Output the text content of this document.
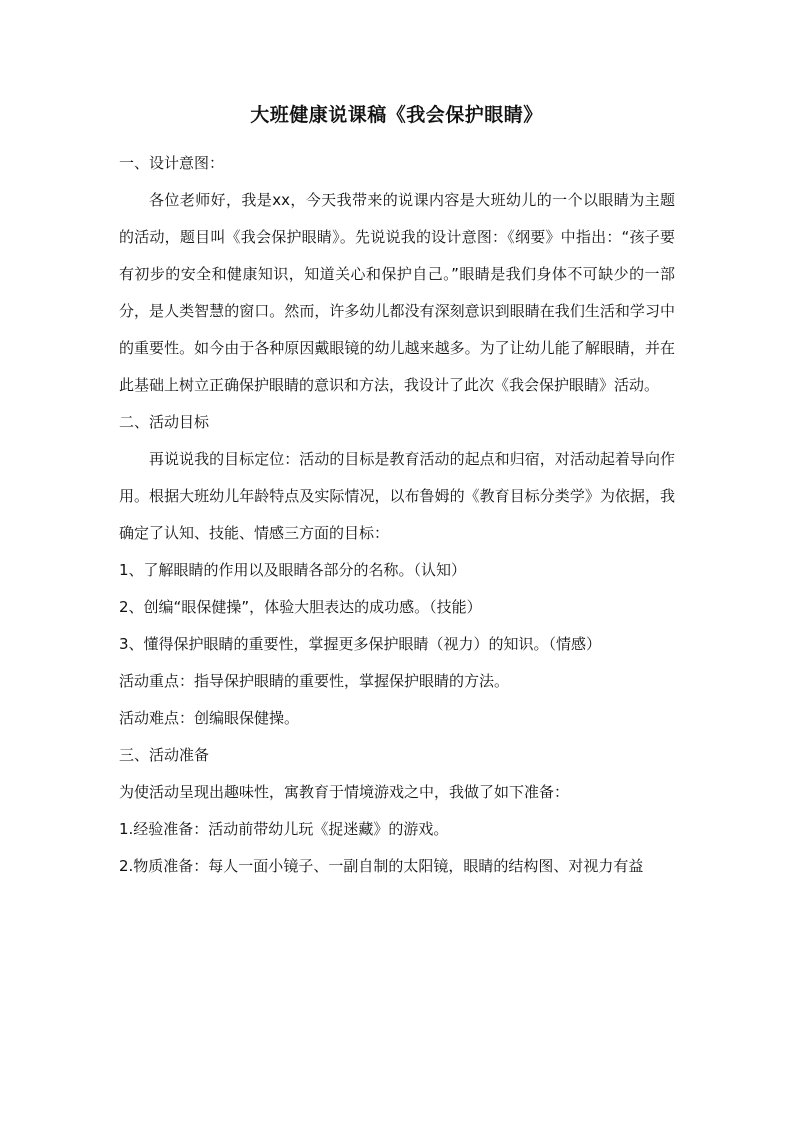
大班健康说课稿《我会保护眼睛》

一、设计意图：

各位老师好，我是xx，今天我带来的说课内容是大班幼儿的一个以眼睛为主题的活动，题目叫《我会保护眼睛》。先说说我的设计意图：《纲要》中指出：“孩子要有初步的安全和健康知识，知道关心和保护自己。”眼睛是我们身体不可缺少的一部分，是人类智慧的窗口。然而，许多幼儿都没有深刻意识到眼睛在我们生活和学习中的重要性。如今由于各种原因戴眼镜的幼儿越来越多。为了让幼儿能了解眼睛，并在此基础上树立正确保护眼睛的意识和方法，我设计了此次《我会保护眼睛》活动。

二、活动目标

再说说我的目标定位：活动的目标是教育活动的起点和归宿，对活动起着导向作用。根据大班幼儿年龄特点及实际情况，以布鲁姆的《教育目标分类学》为依据，我确定了认知、技能、情感三方面的目标：

1、了解眼睛的作用以及眼睛各部分的名称。（认知）

2、创编“眼保健操”，体验大胆表达的成功感。（技能）

3、懂得保护眼睛的重要性，掌握更多保护眼睛（视力）的知识。（情感）

活动重点：指导保护眼睛的重要性，掌握保护眼睛的方法。

活动难点：创编眼保健操。

三、活动准备

为使活动呈现出趣味性，寓教育于情境游戏之中，我做了如下准备：

1.经验准备：活动前带幼儿玩《捉迷藏》的游戏。

2.物质准备：每人一面小镜子、一副自制的太阳镜，眼睛的结构图、对视力有益
